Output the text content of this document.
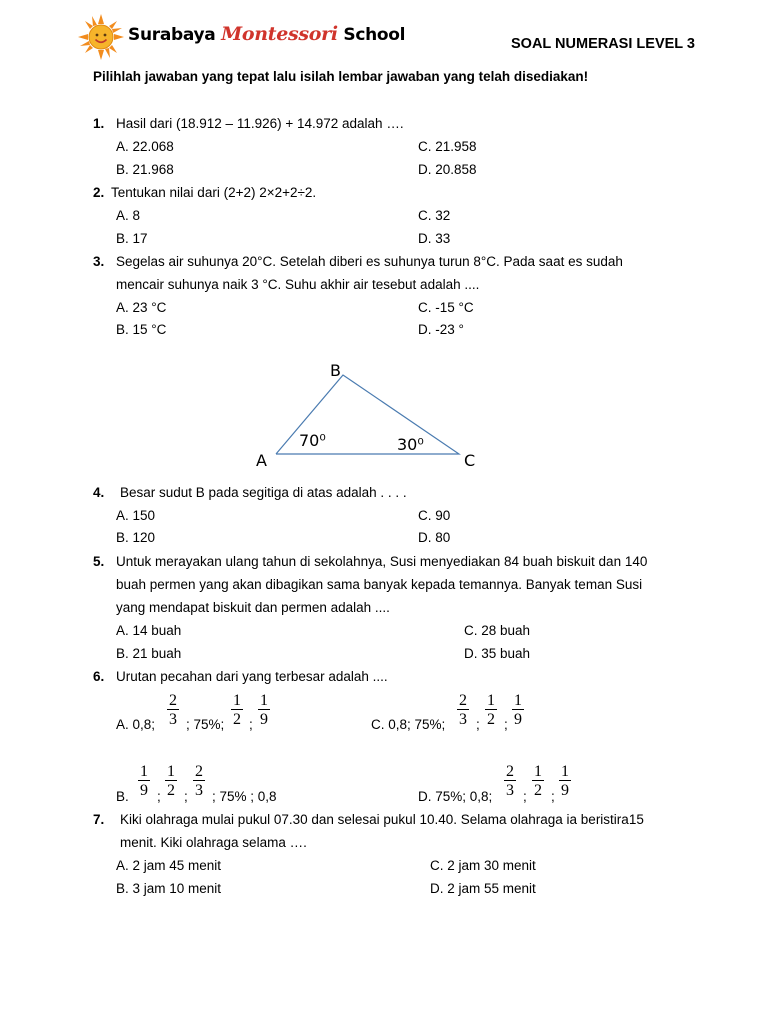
Surabaya Montessori School	SOAL NUMERASI LEVEL 3
Pilihlah jawaban yang tepat lalu isilah lembar jawaban yang telah disediakan!
1. Hasil dari (18.912 – 11.926) + 14.972 adalah ….
A. 22.068	C. 21.958
B. 21.968	D. 20.858
2. Tentukan nilai dari (2+2) 2×2+2÷2.
A. 8	C. 32
B. 17	D. 33
3. Segelas air suhunya 20°C. Setelah diberi es suhunya turun 8°C. Pada saat es sudah
mencair suhunya naik 3 °C. Suhu akhir air tesebut adalah ....
A. 23 °C	C. -15 °C
B. 15 °C	D. -23 °
B
A	C
70⁰	30⁰
4. Besar sudut B pada segitiga di atas adalah . . . .
A. 150	C. 90
B. 120	D. 80
5. Untuk merayakan ulang tahun di sekolahnya, Susi menyediakan 84 buah biskuit dan 140
buah permen yang akan dibagikan sama banyak kepada temannya. Banyak teman Susi
yang mendapat biskuit dan permen adalah ....
A. 14 buah	C. 28 buah
B. 21 buah	D. 35 buah
6. Urutan pecahan dari yang terbesar adalah ....
A. 0,8;
2
3 ; 75%;
1
2 ;
1
9	C. 0,8; 75%;
2
3 ;
1
2 ;
1
9
B.
1
9 ;
1
2 ;
2
3 ; 75% ; 0,8	D. 75%; 0,8;
2
3 ;
1
2 ;
1
9
7. Kiki olahraga mulai pukul 07.30 dan selesai pukul 10.40. Selama olahraga ia beristira15
menit. Kiki olahraga selama ….
A. 2 jam 45 menit	C. 2 jam 30 menit
B. 3 jam 10 menit	D. 2 jam 55 menit
